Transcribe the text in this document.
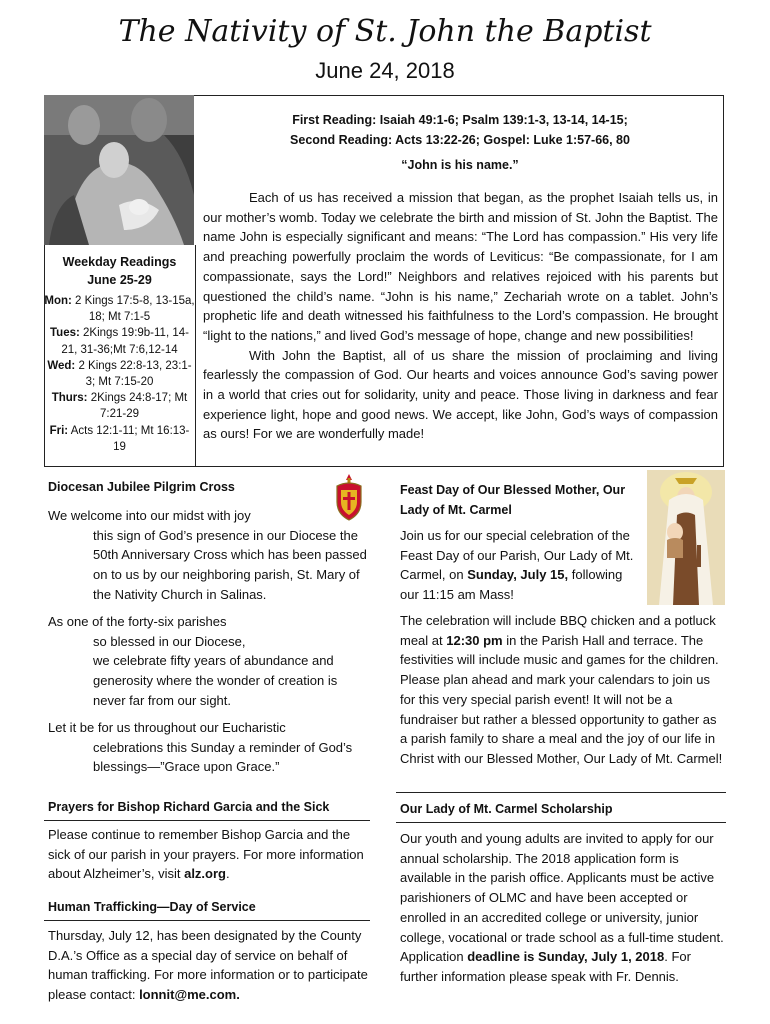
The Nativity of St. John the Baptist
June 24, 2018
Weekday Readings
June 25-29
Mon: 2 Kings 17:5-8, 13-15a, 18; Mt 7:1-5
Tues: 2Kings 19:9b-11, 14-21, 31-36;Mt 7:6,12-14
Wed: 2 Kings 22:8-13, 23:1-3; Mt 7:15-20
Thurs: 2Kings 24:8-17; Mt 7:21-29
Fri: Acts 12:1-11; Mt 16:13-19
First Reading: Isaiah 49:1-6; Psalm 139:1-3, 13-14, 14-15;
Second Reading: Acts 13:22-26; Gospel: Luke 1:57-66, 80
“John is his name.”

Each of us has received a mission that began, as the prophet Isaiah tells us, in our mother’s womb. Today we celebrate the birth and mission of St. John the Baptist. The name John is especially significant and means: “The Lord has compassion.” His very life and preaching powerfully proclaim the words of Leviticus: “Be compassionate, for I am compassionate, says the Lord!” Neighbors and relatives rejoiced with his parents but questioned the child’s name. “John is his name,” Zechariah wrote on a tablet. John’s prophetic life and death witnessed his faithfulness to the Lord’s compassion. He brought “light to the nations,” and lived God’s message of hope, change and new possibilities!

With John the Baptist, all of us share the mission of proclaiming and living fearlessly the compassion of God. Our hearts and voices announce God’s saving power in a world that cries out for solidarity, unity and peace. Those living in darkness and fear experience light, hope and good news. We accept, like John, God’s ways of compassion as ours! For we are wonderfully made!

Diocesan Jubilee Pilgrim Cross
We welcome into our midst with joy
this sign of God’s presence in our Diocese the 50th Anniversary Cross which has been passed on to us by our neighboring parish, St. Mary of the Nativity Church in Salinas.
As one of the forty-six parishes
so blessed in our Diocese,
we celebrate fifty years of abundance and generosity where the wonder of creation is never far from our sight.
Let it be for us throughout our Eucharistic
celebrations this Sunday a reminder of God’s blessings—”Grace upon Grace.”
Prayers for Bishop Richard Garcia and the Sick
Please continue to remember Bishop Garcia and the sick of our parish in your prayers. For more information about Alzheimer’s, visit alz.org.
Human Trafficking—Day of Service
Thursday, July 12, has been designated by the County D.A.’s Office as a special day of service on behalf of human trafficking. For more information or to participate please contact: lonnit@me.com.
Feast Day of Our Blessed Mother, Our Lady of Mt. Carmel
Join us for our special celebration of the Feast Day of our Parish, Our Lady of Mt. Carmel, on Sunday, July 15, following our 11:15 am Mass!
The celebration will include BBQ chicken and a potluck meal at 12:30 pm in the Parish Hall and terrace. The festivities will include music and games for the children. Please plan ahead and mark your calendars to join us for this very special parish event! It will not be a fundraiser but rather a blessed opportunity to gather as a parish family to share a meal and the joy of our life in Christ with our Blessed Mother, Our Lady of Mt. Carmel!
Our Lady of Mt. Carmel Scholarship
Our youth and young adults are invited to apply for our annual scholarship. The 2018 application form is available in the parish office. Applicants must be active parishioners of OLMC and have been accepted or enrolled in an accredited college or university, junior college, vocational or trade school as a full-time student. Application deadline is Sunday, July 1, 2018. For further information please speak with Fr. Dennis.
